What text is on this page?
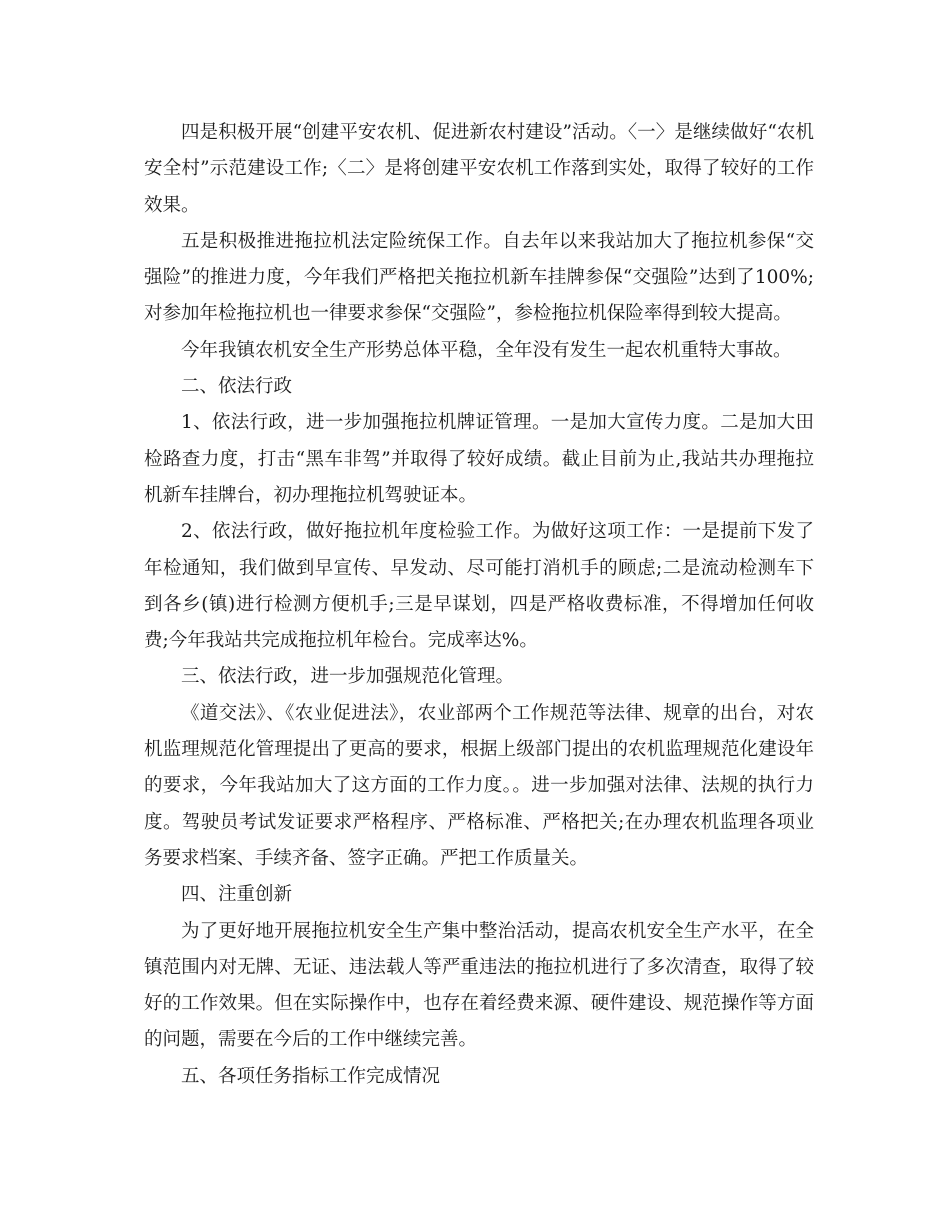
四是积极开展“创建平安农机、促进新农村建设”活动。〈一〉是继续做好“农机安全村”示范建设工作;〈二〉是将创建平安农机工作落到实处，取得了较好的工作效果。

五是积极推进拖拉机法定险统保工作。自去年以来我站加大了拖拉机参保“交强险”的推进力度，今年我们严格把关拖拉机新车挂牌参保“交强险”达到了100%;对参加年检拖拉机也一律要求参保“交强险”，参检拖拉机保险率得到较大提高。

今年我镇农机安全生产形势总体平稳，全年没有发生一起农机重特大事故。

二、依法行政

1、依法行政，进一步加强拖拉机牌证管理。一是加大宣传力度。二是加大田检路查力度，打击“黑车非驾”并取得了较好成绩。截止目前为止,我站共办理拖拉机新车挂牌台，初办理拖拉机驾驶证本。

2、依法行政，做好拖拉机年度检验工作。为做好这项工作：一是提前下发了年检通知，我们做到早宣传、早发动、尽可能打消机手的顾虑;二是流动检测车下到各乡(镇)进行检测方便机手;三是早谋划，四是严格收费标准，不得增加任何收费;今年我站共完成拖拉机年检台。完成率达%。

三、依法行政，进一步加强规范化管理。

《道交法》、《农业促进法》，农业部两个工作规范等法律、规章的出台，对农机监理规范化管理提出了更高的要求，根据上级部门提出的农机监理规范化建设年的要求，今年我站加大了这方面的工作力度。。进一步加强对法律、法规的执行力度。驾驶员考试发证要求严格程序、严格标准、严格把关;在办理农机监理各项业务要求档案、手续齐备、签字正确。严把工作质量关。

四、注重创新

为了更好地开展拖拉机安全生产集中整治活动，提高农机安全生产水平，在全镇范围内对无牌、无证、违法载人等严重违法的拖拉机进行了多次清查，取得了较好的工作效果。但在实际操作中，也存在着经费来源、硬件建设、规范操作等方面的问题，需要在今后的工作中继续完善。

五、各项任务指标工作完成情况
